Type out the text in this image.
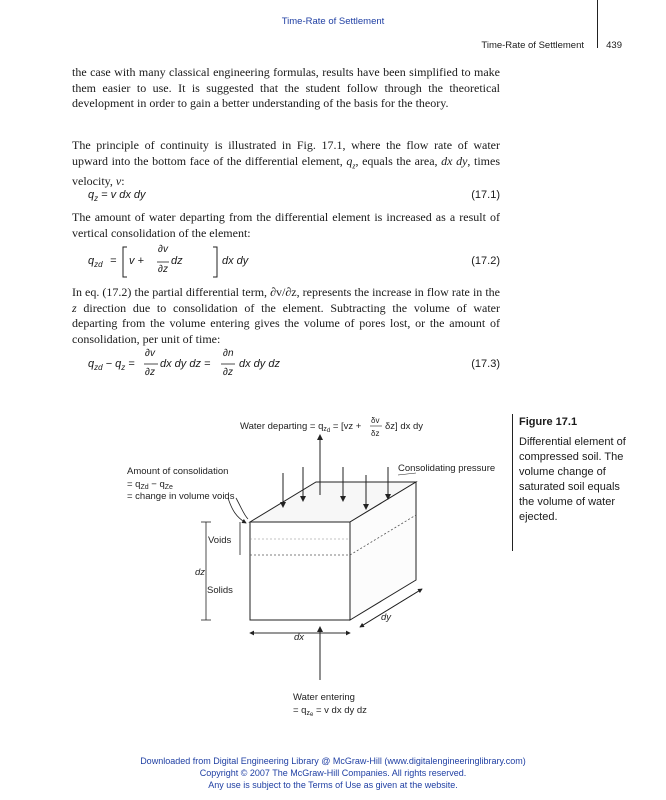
Time-Rate of Settlement
Time-Rate of Settlement 439
the case with many classical engineering formulas, results have been simplified to make them easier to use. It is suggested that the student follow through the theoretical development in order to gain a better understanding of the basis for the theory.
The principle of continuity is illustrated in Fig. 17.1, where the flow rate of water upward into the bottom face of the differential element, $q_z$, equals the area, dx dy, times velocity, v:
$q_z = v$ dx dy	(17.1)
The amount of water departing from the differential element is increased as a result of vertical consolidation of the element:
$q_{zd} = v$ +
∂v
∂z
dz	dx dy	(17.2)
In eq. (17.2) the partial differential term, ∂v/∂z, represents the increase in flow rate in the z direction due to consolidation of the element. Subtracting the volume of water departing from the volume entering gives the volume of pores lost, or the amount of consolidation, per unit of time:
$q_{zd} - q_z$ =
∂v
∂z
dx dy dz =
∂n
∂z
dx dy dz	(17.3)
Water departing = $q_zd = [vz$ +
δv
δz
δz] dx dy
Consolidating pressure
Amount of consolidation
= $q_{Zd} - q_{Ze}$
= change in volume voids
Voids
Solids
dz
dx
dy
Water entering
= $q_ze = v$ dx dy dz
Figure 17.1
Differential element of compressed soil. The volume change of saturated soil equals the volume of water ejected.
Downloaded from Digital Engineering Library @ McGraw-Hill (www.digitalengineeringlibrary.com)
Copyright © 2007 The McGraw-Hill Companies. All rights reserved.
Any use is subject to the Terms of Use as given at the website.
